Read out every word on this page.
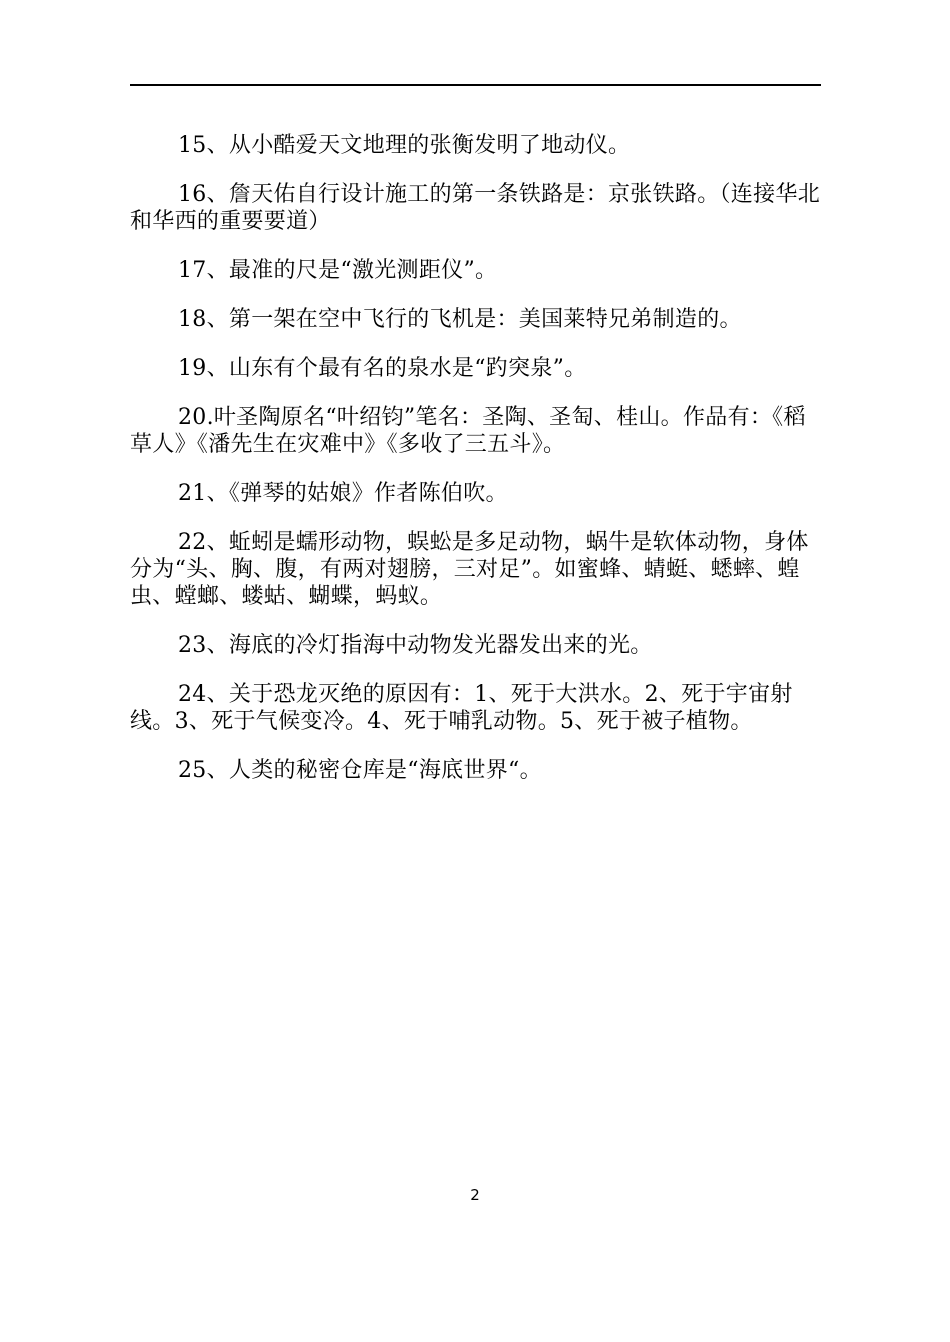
15、从小酷爱天文地理的张衡发明了地动仪。

16、詹天佑自行设计施工的第一条铁路是：京张铁路。（连接华北和华西的重要要道）

17、最准的尺是“激光测距仪”。

18、第一架在空中飞行的飞机是：美国莱特兄弟制造的。

19、山东有个最有名的泉水是“趵突泉”。

20.叶圣陶原名“叶绍钧”笔名：圣陶、圣匋、桂山。作品有：《稻草人》《潘先生在灾难中》《多收了三五斗》。

21、《弹琴的姑娘》作者陈伯吹。

22、蚯蚓是蠕形动物，蜈蚣是多足动物，蜗牛是软体动物，身体分为“头、胸、腹，有两对翅膀，三对足”。如蜜蜂、蜻蜓、蟋蟀、蝗虫、螳螂、蝼蛄、蝴蝶，蚂蚁。

23、海底的冷灯指海中动物发光器发出来的光。

24、关于恐龙灭绝的原因有：1、死于大洪水。2、死于宇宙射线。3、死于气候变冷。4、死于哺乳动物。5、死于被子植物。

25、人类的秘密仓库是“海底世界“。

2
